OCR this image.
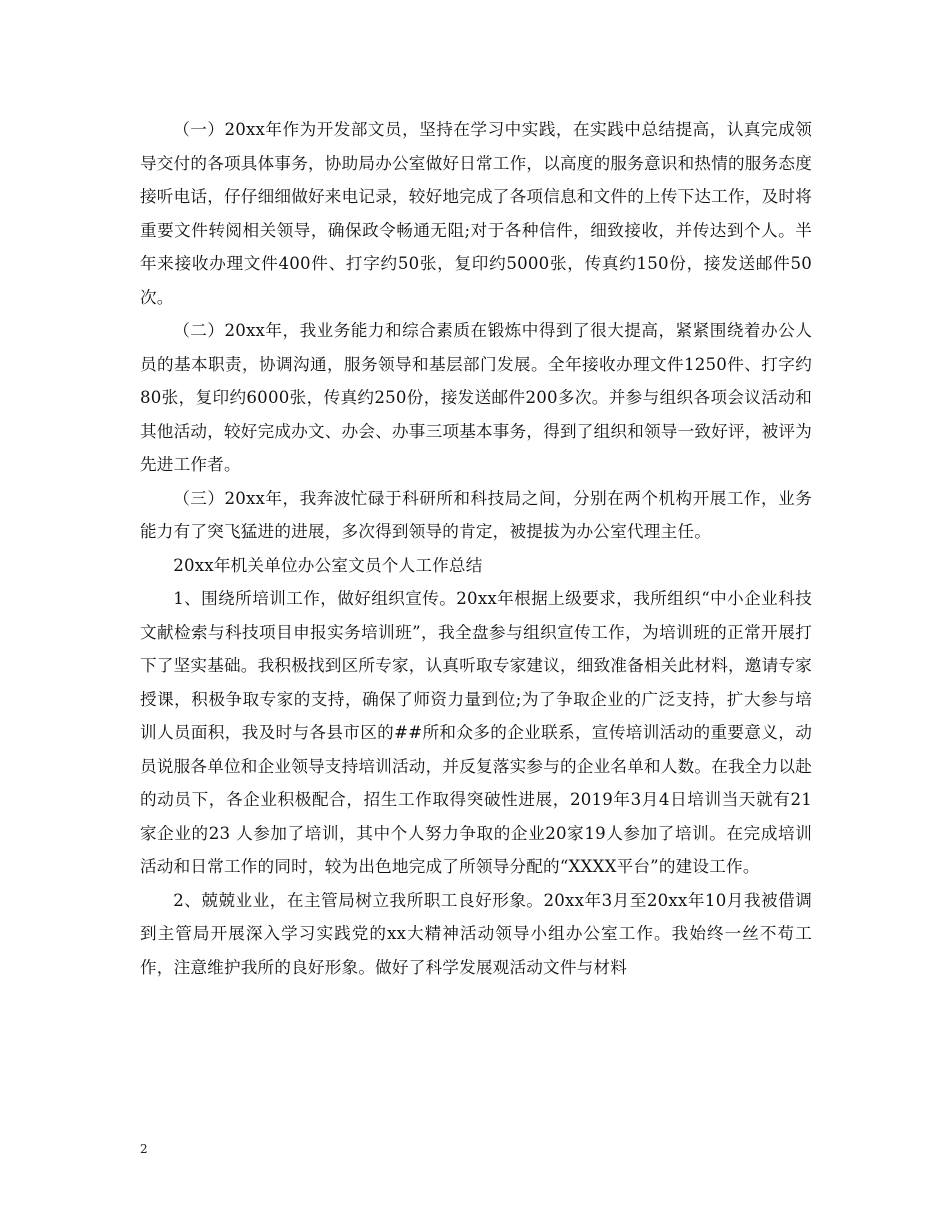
（一）20xx年作为开发部文员，坚持在学习中实践，在实践中总结提高，认真完成领导交付的各项具体事务，协助局办公室做好日常工作，以高度的服务意识和热情的服务态度接听电话，仔仔细细做好来电记录，较好地完成了各项信息和文件的上传下达工作，及时将重要文件转阅相关领导，确保政令畅通无阻;对于各种信件，细致接收，并传达到个人。半年来接收办理文件400件、打字约50张，复印约5000张，传真约150份，接发送邮件50次。

（二）20xx年，我业务能力和综合素质在锻炼中得到了很大提高，紧紧围绕着办公人员的基本职责，协调沟通，服务领导和基层部门发展。全年接收办理文件1250件、打字约 80张，复印约6000张，传真约250份，接发送邮件200多次。并参与组织各项会议活动和其他活动，较好完成办文、办会、办事三项基本事务，得到了组织和领导一致好评，被评为先进工作者。

（三）20xx年，我奔波忙碌于科研所和科技局之间，分别在两个机构开展工作，业务能力有了突飞猛进的进展，多次得到领导的肯定，被提拔为办公室代理主任。

20xx年机关单位办公室文员个人工作总结

1、围绕所培训工作，做好组织宣传。20xx年根据上级要求，我所组织“中小企业科技文献检索与科技项目申报实务培训班”，我全盘参与组织宣传工作，为培训班的正常开展打下了坚实基础。我积极找到区所专家，认真听取专家建议，细致准备相关此材料，邀请专家授课，积极争取专家的支持，确保了师资力量到位;为了争取企业的广泛支持，扩大参与培训人员面积，我及时与各县市区的##所和众多的企业联系，宣传培训活动的重要意义，动员说服各单位和企业领导支持培训活动，并反复落实参与的企业名单和人数。在我全力以赴的动员下，各企业积极配合，招生工作取得突破性进展，2019年3月4日培训当天就有21家企业的23 人参加了培训，其中个人努力争取的企业20家19人参加了培训。在完成培训活动和日常工作的同时，较为出色地完成了所领导分配的“XXXX平台”的建设工作。

2、兢兢业业，在主管局树立我所职工良好形象。20xx年3月至20xx年10月我被借调到主管局开展深入学习实践党的xx大精神活动领导小组办公室工作。我始终一丝不苟工作，注意维护我所的良好形象。做好了科学发展观活动文件与材料

2
